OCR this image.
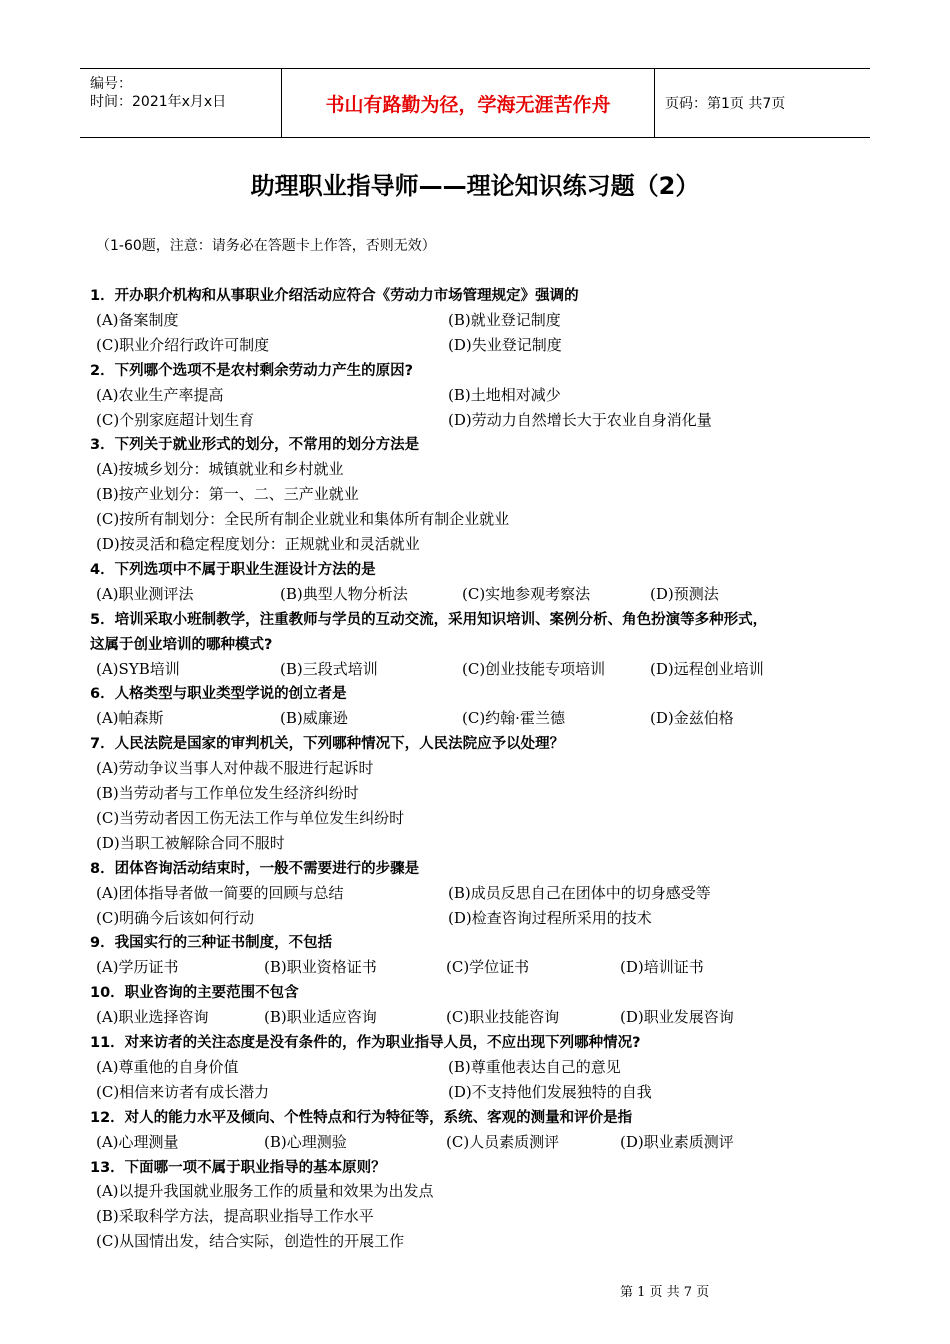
编号：
时间：2021年x月x日	书山有路勤为径，学海无涯苦作舟	页码：第1页 共7页
助理职业指导师——理论知识练习题（2）
（1-60题，注意：请务必在答题卡上作答，否则无效）
1．开办职介机构和从事职业介绍活动应符合《劳动力市场管理规定》强调的
(A)备案制度	(B)就业登记制度
(C)职业介绍行政许可制度	(D)失业登记制度
2．下列哪个选项不是农村剩余劳动力产生的原因?
(A)农业生产率提高	(B)土地相对减少
(C)个别家庭超计划生育	(D)劳动力自然增长大于农业自身消化量
3．下列关于就业形式的划分，不常用的划分方法是
(A)按城乡划分：城镇就业和乡村就业
(B)按产业划分：第一、二、三产业就业
(C)按所有制划分：全民所有制企业就业和集体所有制企业就业
(D)按灵活和稳定程度划分：正规就业和灵活就业
4．下列选项中不属于职业生涯设计方法的是
(A)职业测评法	(B)典型人物分析法	(C)实地参观考察法	(D)预测法
5．培训采取小班制教学，注重教师与学员的互动交流，采用知识培训、案例分析、角色扮演等多种形式，
这属于创业培训的哪种模式?
(A)SYB培训	(B)三段式培训	(C)创业技能专项培训	(D)远程创业培训
6．人格类型与职业类型学说的创立者是
(A)帕森斯	(B)威廉逊	(C)约翰·霍兰德	(D)金兹伯格
7．人民法院是国家的审判机关，下列哪种情况下，人民法院应予以处理？
(A)劳动争议当事人对仲裁不服进行起诉时
(B)当劳动者与工作单位发生经济纠纷时
(C)当劳动者因工伤无法工作与单位发生纠纷时
(D)当职工被解除合同不服时
8．团体咨询活动结束时，一般不需要进行的步骤是
(A)团体指导者做一简要的回顾与总结	(B)成员反思自己在团体中的切身感受等
(C)明确今后该如何行动	(D)检查咨询过程所采用的技术
9．我国实行的三种证书制度，不包括
(A)学历证书	(B)职业资格证书	(C)学位证书	(D)培训证书
10．职业咨询的主要范围不包含
(A)职业选择咨询	(B)职业适应咨询	(C)职业技能咨询	(D)职业发展咨询
11．对来访者的关注态度是没有条件的，作为职业指导人员，不应出现下列哪种情况?
(A)尊重他的自身价值	(B)尊重他表达自己的意见
(C)相信来访者有成长潜力	(D)不支持他们发展独特的自我
12．对人的能力水平及倾向、个性特点和行为特征等，系统、客观的测量和评价是指
(A)心理测量	(B)心理测验	(C)人员素质测评	(D)职业素质测评
13．下面哪一项不属于职业指导的基本原则？
(A)以提升我国就业服务工作的质量和效果为出发点
(B)采取科学方法，提高职业指导工作水平
(C)从国情出发，结合实际，创造性的开展工作
第 1 页 共 7 页
